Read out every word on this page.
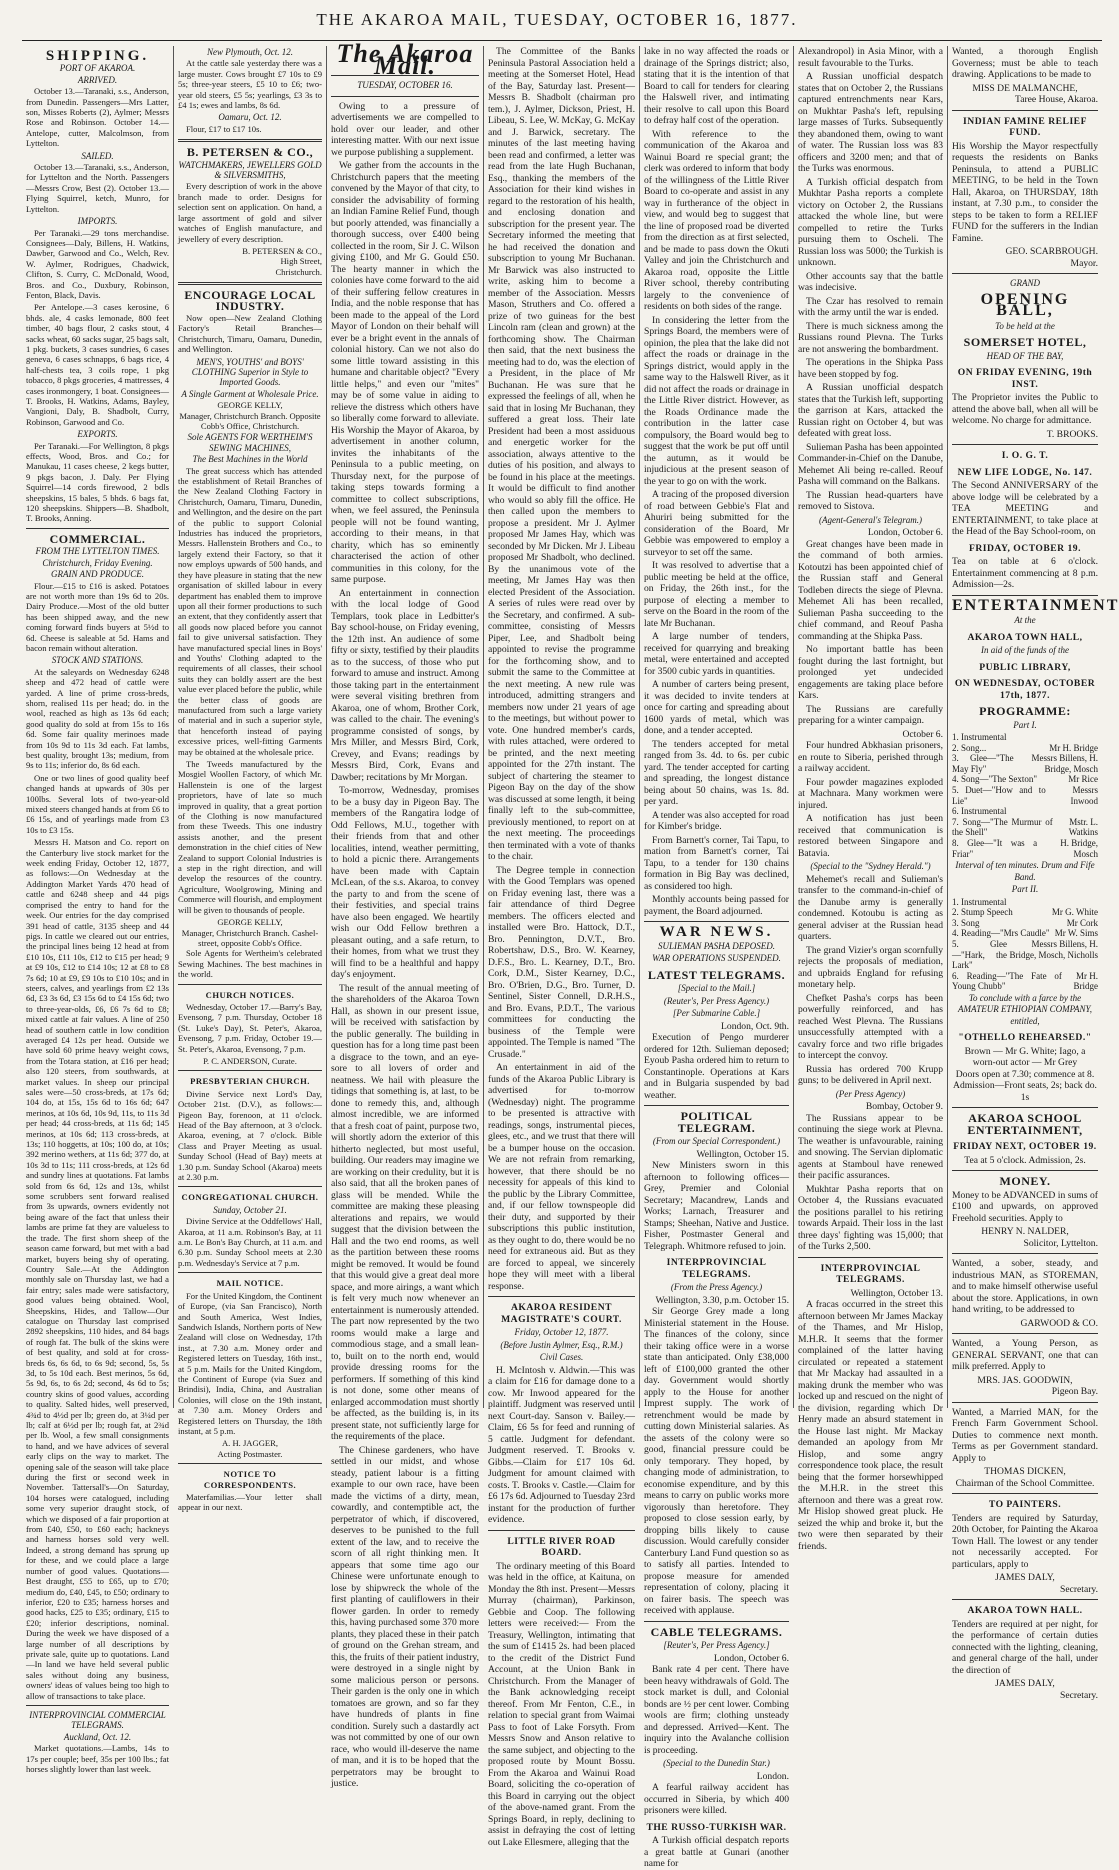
THE AKAROA MAIL, TUESDAY, OCTOBER 16, 1877.
SHIPPING.
PORT OF AKAROA.
ARRIVED.

October 13.—Taranaki, s.s., Anderson, from Dunedin. Passengers—Mrs Latter, son, Misses Roberts (2), Aylmer; Messrs Rose and Robinson. October 14.—Antelope, cutter, Malcolmson, from Lyttelton.

SAILED.

October 13.—Taranaki, s.s., Anderson, for Lyttelton and the North. Passengers —Messrs Crow, Best (2). October 13.—Flying Squirrel, ketch, Munro, for Lyttelton.

IMPORTS.

Per Taranaki.—29 tons merchandise. Consignees—Daly, Billens, H. Watkins, Dawber, Garwood and Co., Welch, Rev. W. Aylmer, Rodrigues, Chadwick, Clifton, S. Curry, C. McDonald, Wood, Bros. and Co., Duxbury, Robinson, Fenton, Black, Davis.

Per Antelope.—3 cases kerosine, 6 bhds. ale, 4 casks lemonade, 800 feet timber, 40 bags flour, 2 casks stout, 4 sacks wheat, 60 sacks sugar, 25 bags salt, 1 pkg. buckets, 3 cases sundries, 6 cases geneva, 6 cases schnapps, 6 bags rice, 4 half-chests tea, 3 coils rope, 1 pkg tobacco, 8 pkgs groceries, 4 mattresses, 4 cases ironmongery, 1 boat. Consignees—T. Brooks, H. Watkins, Adams, Bayley, Vangioni, Daly, B. Shadbolt, Curry, Robinson, Garwood and Co.

EXPORTS.

Per Taranaki.—For Wellington, 8 pkgs effects, Wood, Bros. and Co.; for Manukau, 11 cases cheese, 2 kegs butter, 9 pkgs bacon, J. Daly. Per Flying Squirrel—14 cords firewood, 2 bdls sheepskins, 15 bales, 5 bhds. 6 bags fat, 120 sheepskins. Shippers—B. Shadbolt, T. Brooks, Anning.

COMMERCIAL.
FROM THE LYTTELTON TIMES.
Christchurch, Friday Evening.
GRAIN AND PRODUCE.

Flour.—£15 to £16 is asked. Potatoes are not worth more than 19s 6d to 20s. Dairy Produce.—Most of the old butter has been shipped away, and the new coming forward finds buyers at 5½d to 6d. Cheese is saleable at 5d. Hams and bacon remain without alteration.

STOCK AND STATIONS.

At the saleyards on Wednesday 6248 sheep and 472 head of cattle were yarded. A line of prime cross-breds, shorn, realised 11s per head; do. in the wool, reached as high as 13s 6d each; good quality do sold at from 15s to 16s 6d. Some fair quality merinoes made from 10s 9d to 11s 3d each. Fat lambs, best quality, brought 13s; medium, from 9s to 11s; inferior do, 8s 6d each.

One or two lines of good quality beef changed hands at upwards of 30s per 100lbs. Several lots of two-year-old mixed steers changed hands at from £6 to £6 15s, and of yearlings made from £3 10s to £3 15s.

Messrs H. Matson and Co. report on the Canterbury live stock market for the week ending Friday, October 12, 1877, as follows:—On Wednesday at the Addington Market Yards 470 head of cattle and 6248 sheep and 44 pigs comprised the entry to hand for the week. Our entries for the day comprised 391 head of cattle, 3135 sheep and 44 pigs. In cattle we cleared out our entries, the principal lines being 12 head at from £10 10s, £11 10s, £12 to £15 per head; 9 at £9 10s, £12 to £14 10s; 12 at £8 to £8 7s 6d; 10 at £9, £9 10s to £10 10s; and in steers, calves, and yearlings from £2 13s 6d, £3 3s 6d, £3 15s 6d to £4 15s 6d; two to three-year-olds, £6, £6 7s 6d to £8; mixed cattle at fair values. A line of 250 head of southern cattle in low condition averaged £4 12s per head. Outside we have sold 60 prime heavy weight cows, from the Totara station, at £16 per head; also 120 steers, from southwards, at market values. In sheep our principal sales were—50 cross-breds, at 17s 6d; 104 do, at 15s, 15s 6d to 16s 6d; 647 merinos, at 10s 6d, 10s 9d, 11s, to 11s 3d per head; 44 cross-breds, at 11s 6d; 145 merinos, at 10s 6d; 113 cross-breds, at 13s; 110 hoggetts, at 10s; 100 do, at 10s; 392 merino wethers, at 11s 6d; 377 do, at 10s 3d to 11s; 111 cross-breds, at 12s 6d and sundry lines at quotations. Fat lambs sold from 6s 6d, 12s and 13s, whilst some scrubbers sent forward realised from 3s upwards, owners evidently not being aware of the fact that unless their lambs are prime fat they are valueless to the trade. The first shorn sheep of the season came forward, but met with a bad market, buyers being shy of operating. Country Sale.—At the Addington monthly sale on Thursday last, we had a fair entry; sales made were satisfactory, good values being obtained. Wool, Sheepskins, Hides, and Tallow—Our catalogue on Thursday last comprised 2892 sheepskins, 110 hides, and 84 bags of rough fat. The bulk of the skins were of best quality, and sold at for cross-breds 6s, 6s 6d, to 6s 9d; second, 5s, 5s 3d, to 5s 10d each. Best merinos, 5s 6d, 5s 9d, 6s, to 6s 2d; second, 4s 6d to 5s; country skins of good values, according to quality. Salted hides, well preserved, 4¾d to 4½d per lb; green do, at 3¼d per lb; calf at 6½d per lb; rough fat, at 2¾d per lb. Wool, a few small consignments to hand, and we have advices of several early clips on the way to market. The opening sale of the season will take place during the first or second week in November. Tattersall's—On Saturday, 104 horses were catalogued, including some very superior draught stock, of which we disposed of a fair proportion at from £40, £50, to £60 each; hackneys and harness horses sold very well. Indeed, a strong demand has sprung up for these, and we could place a large number of good values. Quotations—Best draught, £55 to £65, up to £70; medium do, £40, £45, to £50; ordinary to inferior, £20 to £35; harness horses and good hacks, £25 to £35; ordinary, £15 to £20; inferior descriptions, nominal. During the week we have disposed of a large number of all descriptions by private sale, quite up to quotations. Land—In land we have held several public sales without doing any business, owners' ideas of values being too high to allow of transactions to take place.

INTERPROVINCIAL COMMERCIAL TELEGRAMS.
Auckland, Oct. 12.

Market quotations.—Lambs, 14s to 17s per couple; beef, 35s per 100 lbs.; fat horses slightly lower than last week.

New Plymouth, Oct. 12.

At the cattle sale yesterday there was a large muster. Cows brought £7 10s to £9 5s; three-year steers, £5 10 to £6; two-year old steers, £5 5s; yearlings, £3 3s to £4 1s; ewes and lambs, 8s 6d.

Oamaru, Oct. 12.

Flour, £17 to £17 10s.

B. PETERSEN & CO.,
WATCHMAKERS, JEWELLERS GOLD & SILVERSMITHS,

Every description of work in the above branch made to order. Designs for selection sent on application. On hand, a large assortment of gold and silver watches of English manufacture, and jewellery of every description.

B. PETERSEN & CO.,
High Street,
Christchurch.
ENCOURAGE LOCAL INDUSTRY.

Now open—New Zealand Clothing Factory's Retail Branches— Christchurch, Timaru, Oamaru, Dunedin, and Wellington.

MEN'S, YOUTHS' and BOYS' CLOTHING Superior in Style to Imported Goods.
A Single Garment at Wholesale Price.
GEORGE KELLY,
Manager, Christchurch Branch. Opposite Cobb's Office, Christchurch.
Sole AGENTS FOR WERTHEIM'S SEWING MACHINES,
The Best Machines in the World

The great success which has attended the establishment of Retail Branches of the New Zealand Clothing Factory in Christchurch, Oamaru, Timaru, Dunedin, and Wellington, and the desire on the part of the public to support Colonial Industries has induced the proprietors, Messrs. Hallenstein Brothers and Co., to largely extend their Factory, so that it now employs upwards of 500 hands, and they have pleasure in stating that the new organisation of skilled labour in every department has enabled them to improve upon all their former productions to such an extent, that they confidently assert that all goods now placed before you cannot fail to give universal satisfaction. They have manufactured special lines in Boys' and Youths' Clothing adapted to the requirements of all classes, their school suits they can boldly assert are the best value ever placed before the public, while the better class of goods are manufactured from such a large variety of material and in such a superior style, that henceforth instead of paying excessive prices, well-fitting Garments may be obtained at the wholesale price.

The Tweeds manufactured by the Mosgiel Woollen Factory, of which Mr. Hallenstein is one of the largest proprietors, have of late so much improved in quality, that a great portion of the Clothing is now manufactured from these Tweeds. This one industry assists another, and the present demonstration in the chief cities of New Zealand to support Colonial Industries is a step in the right direction, and will develop the resources of the country. Agriculture, Woolgrowing, Mining and Commerce will flourish, and employment will be given to thousands of people.

GEORGE KELLY,
Manager, Christchurch Branch. Cashel-street, opposite Cobb's Office.

Sole Agents for Wertheim's celebrated Sewing Machines. The best machines in the world.

CHURCH NOTICES.

Wednesday, October 17.—Barry's Bay, Evensong, 7 p.m. Thursday, October 18 (St. Luke's Day), St. Peter's, Akaroa, Evensong, 7 p.m. Friday, October 19.—St. Peter's, Akaroa, Evensong, 7 p.m.

P. C. ANDERSON, Curate.
PRESBYTERIAN CHURCH.

Divine Service next Lord's Day, October 21st. (D.V.), as follows:— Pigeon Bay, forenoon, at 11 o'clock. Head of the Bay afternoon, at 3 o'clock. Akaroa, evening, at 7 o'clock. Bible Class and Prayer Meeting as usual. Sunday School (Head of Bay) meets at 1.30 p.m. Sunday School (Akaroa) meets at 2.30 p.m.

CONGREGATIONAL CHURCH.
Sunday, October 21.

Divine Service at the Oddfellows' Hall, Akaroa, at 11 a.m. Robinson's Bay, at 11 a.m. Le Bon's Bay Church, at 11 a.m. and 6.30 p.m. Sunday School meets at 2.30 p.m. Wednesday's Service at 7 p.m.

MAIL NOTICE.

For the United Kingdom, the Continent of Europe, (via San Francisco), North and South America, West Indies, Sandwich Islands, Northern ports of New Zealand will close on Wednesday, 17th inst., at 7.30 a.m. Money order and Registered letters on Tuesday, 16th inst., at 5 p.m. Mails for the United Kingdom, the Continent of Europe (via Suez and Brindisi), India, China, and Australian Colonies, will close on the 19th instant, at 7.30 a.m. Money Orders and Registered letters on Thursday, the 18th instant, at 5 p.m.

A. H. JAGGER,
Acting Postmaster.
NOTICE TO CORRESPONDENTS.

Materfamilias.—Your letter shall appear in our next.

The Akaroa Mail.
TUESDAY, OCTOBER 16.

Owing to a pressure of advertisements we are compelled to hold over our leader, and other interesting matter. With our next issue we purpose publishing a supplement.

We gather from the accounts in the Christchurch papers that the meeting convened by the Mayor of that city, to consider the advisability of forming an Indian Famine Relief Fund, though but poorly attended, was financially a thorough success, over £400 being collected in the room, Sir J. C. Wilson giving £100, and Mr G. Gould £50. The hearty manner in which the colonies have come forward to the aid of their suffering fellow creatures in India, and the noble response that has been made to the appeal of the Lord Mayor of London on their behalf will ever be a bright event in the annals of colonial history. Can we not also do some little toward assisting in this humane and charitable object? "Every little helps," and even our "mites" may be of some value in aiding to relieve the distress which others have so liberally come forward to alleviate. His Worship the Mayor of Akaroa, by advertisement in another column, invites the inhabitants of the Peninsula to a public meeting, on Thursday next, for the purpose of taking steps towards forming a committee to collect subscriptions, when, we feel assured, the Peninsula people will not be found wanting, according to their means, in that charity, which has so eminently characterised the action of other communities in this colony, for the same purpose.

An entertainment in connection with the local lodge of Good Templars, took place in Ledbitter's Bay school-house, on Friday evening, the 12th inst. An audience of some fifty or sixty, testified by their plaudits as to the success, of those who put forward to amuse and instruct. Among those taking part in the entertainment were several visiting brethren from Akaroa, one of whom, Brother Cork, was called to the chair. The evening's programme consisted of songs, by Mrs Miller, and Messrs Bird, Cork, Crevey, and Evans; readings by Messrs Bird, Cork, Evans and Dawber; recitations by Mr Morgan.

To-morrow, Wednesday, promises to be a busy day in Pigeon Bay. The members of the Rangatira lodge of Odd Fellows, M.U., together with their friends from that and other localities, intend, weather permitting, to hold a picnic there. Arrangements have been made with Captain McLean, of the s.s. Akaroa, to convey the party to and from the scene of their festivities, and special trains have also been engaged. We heartily wish our Odd Fellow brethren a pleasant outing, and a safe return, to their homes, from what we trust they will find to be a healthful and happy day's enjoyment.

The result of the annual meeting of the shareholders of the Akaroa Town Hall, as shown in our present issue, will be received with satisfaction by the public generally. The building in question has for a long time past been a disgrace to the town, and an eye-sore to all lovers of order and neatness. We hail with pleasure the tidings that something is, at last, to be done to remedy this, and, although almost incredible, we are informed that a fresh coat of paint, purpose two, will shortly adorn the exterior of this hitherto neglected, but most useful, building. Our readers may imagine we are working on their credulity, but it is also said, that all the broken panes of glass will be mended. While the committee are making these pleasing alterations and repairs, we would suggest that the division between the Hall and the two end rooms, as well as the partition between these rooms might be removed. It would be found that this would give a great deal more space, and more airings, a want which is felt very much now whenever an entertainment is numerously attended. The part now represented by the two rooms would make a large and commodious stage, and a small lean-to, built on to the north end, would provide dressing rooms for the performers. If something of this kind is not done, some other means of enlarged accommodation must shortly be affected, as the building is, in its present state, not sufficiently large for the requirements of the place.

The Chinese gardeners, who have settled in our midst, and whose steady, patient labour is a fitting example to our own race, have been made the victims of a dirty, mean, cowardly, and contemptible act, the perpetrator of which, if discovered, deserves to be punished to the full extent of the law, and to receive the scorn of all right thinking men. It appears that some time ago our Chinese were unfortunate enough to lose by shipwreck the whole of the first planting of cauliflowers in their flower garden. In order to remedy this, having purchased some 370 more plants, they placed these in their patch of ground on the Grehan stream, and this, the fruits of their patient industry, were destroyed in a single night by some malicious person or persons. Their garden is the only one in which tomatoes are grown, and so far they have hundreds of plants in fine condition. Surely such a dastardly act was not committed by one of our own race, who would ill-deserve the name of man, and it is to be hoped that the perpetrators may be brought to justice.

The Committee of the Banks Peninsula Pastoral Association held a meeting at the Somerset Hotel, Head of the Bay, Saturday last. Present—Messrs B. Shadbolt (chairman pro tem.), J. Aylmer, Dickson, Priest, H. Libeau, S. Lee, W. McKay, G. McKay and J. Barwick, secretary. The minutes of the last meeting having been read and confirmed, a letter was read from the late Hugh Buchanan, Esq., thanking the members of the Association for their kind wishes in regard to the restoration of his health, and enclosing donation and subscription for the present year. The Secretary informed the meeting that he had received the donation and subscription to young Mr Buchanan. Mr Barwick was also instructed to write, asking him to become a member of the Association. Messrs Mason, Struthers and Co. offered a prize of two guineas for the best Lincoln ram (clean and grown) at the forthcoming show. The Chairman then said, that the next business the meeting had to do, was the election of a President, in the place of Mr Buchanan. He was sure that he expressed the feelings of all, when he said that in losing Mr Buchanan, they suffered a great loss. Their late President had been a most assiduous and energetic worker for the association, always attentive to the duties of his position, and always to be found in his place at the meetings. It would be difficult to find another who would so ably fill the office. He then called upon the members to propose a president. Mr J. Aylmer proposed Mr James Hay, which was seconded by Mr Dicken. Mr J. Libeau proposed Mr Shadbolt, who declined. By the unanimous vote of the meeting, Mr James Hay was then elected President of the Association. A series of rules were read over by the Secretary, and confirmed. A sub-committee, consisting of Messrs Piper, Lee, and Shadbolt being appointed to revise the programme for the forthcoming show, and to submit the same to the Committee at the next meeting. A new rule was introduced, admitting strangers and members now under 21 years of age to the meetings, but without power to vote. One hundred member's cards, with rules attached, were ordered to be printed, and the next meeting appointed for the 27th instant. The subject of chartering the steamer to Pigeon Bay on the day of the show was discussed at some length, it being finally left to the sub-committee, previously mentioned, to report on at the next meeting. The proceedings then terminated with a vote of thanks to the chair.

The Degree temple in connection with the Good Templars was opened on Friday evening last, there was a fair attendance of third Degree members. The officers elected and installed were Bro. Hattock, D.T., Bro. Pennington, D.V.T., Bro. Robertshaw, D.S., Bro. W. Kearney, D.F.S., Bro. L. Kearney, D.T., Bro. Cork, D.M., Sister Kearney, D.C., Bro. O'Brien, D.G., Bro. Turner, D. Sentinel, Sister Connell, D.R.H.S., and Bro. Evans, P.D.T., The various committees for conducting the business of the Temple were appointed. The Temple is named "The Crusade."

An entertainment in aid of the funds of the Akaroa Public Library is advertised for to-morrow (Wednesday) night. The programme to be presented is attractive with readings, songs, instrumental pieces, glees, etc., and we trust that there will be a bumper house on the occasion. We are not refrain from remarking, however, that there should be no necessity for appeals of this kind to the public by the Library Committee, and, if our fellow townspeople did their duty, and supported by their subscriptions this public institution, as they ought to do, there would be no need for extraneous aid. But as they are forced to appeal, we sincerely hope they will meet with a liberal response.

AKAROA RESIDENT MAGISTRATE'S COURT.
Friday, October 12, 1877.
(Before Justin Aylmer, Esq., R.M.)
Civil Cases.

H. McIntosh v. Aldwin.—This was a claim for £16 for damage done to a cow. Mr Inwood appeared for the plaintiff. Judgment was reserved until next Court-day. Sanson v. Bailey.—Claim, £6 5s for feed and running of 5 cattle. Judgment for defendant. Judgment reserved. T. Brooks v. Gibbs.—Claim for £17 10s 6d. Judgment for amount claimed with costs. T. Brooks v. Castle.—Claim for £6 17s 6d. Adjourned to Tuesday 23rd instant for the production of further evidence.

LITTLE RIVER ROAD BOARD.

The ordinary meeting of this Board was held in the office, at Kaituna, on Monday the 8th inst. Present—Messrs Murray (chairman), Parkinson, Gebbie and Coop. The following letters were received:— From the Treasury, Wellington, intimating that the sum of £1415 2s. had been placed to the credit of the District Fund Account, at the Union Bank in Christchurch. From the Manager of the Bank acknowledging receipt thereof. From Mr Fenton, C.E., in relation to special grant from Waimai Pass to foot of Lake Forsyth. From Messrs Snow and Anson relative to the same subject, and objecting to the proposed route by Mount Bossu. From the Akaroa and Wainui Road Board, soliciting the co-operation of this Board in carrying out the object of the above-named grant. From the Springs Board, in reply, declining to assist in defraying the cost of letting out Lake Ellesmere, alleging that the

lake in no way affected the roads or drainage of the Springs district; also, stating that it is the intention of that Board to call for tenders for clearing the Halswell river, and intimating their resolve to call upon this Board to defray half cost of the operation.

With reference to the communication of the Akaroa and Wainui Board re special grant; the clerk was ordered to inform that body of the willingness of the Little River Board to co-operate and assist in any way in furtherance of the object in view, and would beg to suggest that the line of proposed road be diverted from the direction as at first selected, and be made to pass down the Okuti Valley and join the Christchurch and Akaroa road, opposite the Little River school, thereby contributing largely to the convenience of residents on both sides of the range.

In considering the letter from the Springs Board, the members were of opinion, the plea that the lake did not affect the roads or drainage in the Springs district, would apply in the same way to the Halswell River, as it did not affect the roads or drainage in the Little River district. However, as the Roads Ordinance made the contribution in the latter case compulsory, the Board would beg to suggest that the work be put off until the autumn, as it would be injudicious at the present season of the year to go on with the work.

A tracing of the proposed diversion of road between Gebbie's Flat and Ahuriri being submitted for the consideration of the Board, Mr Gebbie was empowered to employ a surveyor to set off the same.

It was resolved to advertise that a public meeting be held at the office, on Friday, the 26th inst., for the purpose of electing a member to serve on the Board in the room of the late Mr Buchanan.

A large number of tenders, received for quarrying and breaking metal, were entertained and accepted for 3500 cubic yards in quantities.

A number of carters being present, it was decided to invite tenders at once for carting and spreading about 1600 yards of metal, which was done, and a tender accepted.

The tenders accepted for metal ranged from 3s. 4d. to 6s. per cubic yard. The tender accepted for carting and spreading, the longest distance being about 50 chains, was 1s. 8d. per yard.

A tender was also accepted for road for Kimber's bridge.

From Barnett's corner, Tai Tapu, to mation from Barnett's corner, Tai Tapu, to a tender for 130 chains formation in Big Bay was declined, as considered too high.

Monthly accounts being passed for payment, the Board adjourned.

WAR NEWS.
SULIEMAN PASHA DEPOSED.
WAR OPERATIONS SUSPENDED.
LATEST TELEGRAMS.
[Special to the Mail.]
(Reuter's, Per Press Agency.)
[Per Submarine Cable.]
London, Oct. 9th.

Execution of Pengo murderer ordered for 12th. Sulieman deposed; Eyoub Pasha ordered him to return to Constantinople. Operations at Kars and in Bulgaria suspended by bad weather.

POLITICAL TELEGRAM.
(From our Special Correspondent.)
Wellington, October 15.

New Ministers sworn in this afternoon to following offices—Grey, Premier and Colonial Secretary; Macandrew, Lands and Works; Larnach, Treasurer and Stamps; Sheehan, Native and Justice. Fisher, Postmaster General and Telegraph. Whitmore refused to join.

INTERPROVINCIAL TELEGRAMS.
(From the Press Agency.)
Wellington, 3.30, p.m. October 15.

Sir George Grey made a long Ministerial statement in the House. The finances of the colony, since their taking office were in a worse state than anticipated. Only £38,000 left of £100,000 granted the other day. Government would shortly apply to the House for another Imprest supply. The work of retrenchment would be made by cutting down Ministerial salaries. As the assets of the colony were so good, financial pressure could be only temporary. They hoped, by changing mode of administration, to economise expenditure, and by this means to carry on public works more vigorously than heretofore. They proposed to close session early, by dropping bills likely to cause discussion. Would carefully consider Canterbury Land Fund question so as to satisfy all parties. Intended to propose measure for amended representation of colony, placing it on fairer basis. The speech was received with applause.

CABLE TELEGRAMS.
[Reuter's, Per Press Agency.]
London, October 6.

Bank rate 4 per cent. There have been heavy withdrawals of Gold. The stock market is dull, and Colonial bonds are ½ per cent lower. Combing wools are firm; clothing unsteady and depressed. Arrived—Kent. The inquiry into the Avalanche collision is proceeding.

(Special to the Dunedin Star.)
London.

A fearful railway accident has occurred in Siberia, by which 400 prisoners were killed.

THE RUSSO-TURKISH WAR.

A Turkish official despatch reports a great battle at Gunari (another name for

Alexandropol) in Asia Minor, with a result favourable to the Turks.

A Russian unofficial despatch states that on October 2, the Russians captured entrenchments near Kars, on Mukhtar Pasha's left, repulsing large masses of Turks. Subsequently they abandoned them, owing to want of water. The Russian loss was 83 officers and 3200 men; and that of the Turks was enormous.

A Turkish official despatch from Mukhtar Pasha reports a complete victory on October 2, the Russians attacked the whole line, but were compelled to retire the Turks pursuing them to Oscheli. The Russian loss was 5000; the Turkish is unknown.

Other accounts say that the battle was indecisive.

The Czar has resolved to remain with the army until the war is ended.

There is much sickness among the Russians round Plevna. The Turks are not answering the bombardment.

The operations in the Shipka Pass have been stopped by fog.

A Russian unofficial despatch states that the Turkish left, supporting the garrison at Kars, attacked the Russian right on October 4, but was defeated with great loss.

Sulieman Pasha has been appointed Commander-in-Chief on the Danube, Mehemet Ali being re-called. Reouf Pasha will command on the Balkans.

The Russian head-quarters have removed to Sistova.

(Agent-General's Telegram.)
London, October 6.

Great changes have been made in the command of both armies. Kotoutzi has been appointed chief of the Russian staff and General Todleben directs the siege of Plevna. Mehemet Ali has been recalled, Sulieman Pasha succeeding to the chief command, and Reouf Pasha commanding at the Shipka Pass.

No important battle has been fought during the last fortnight, but prolonged yet undecided engagements are taking place before Kars.

The Russians are carefully preparing for a winter campaign.

October 6.

Four hundred Abkhasian prisoners, en route to Siberia, perished through a railway accident.

Four powder magazines exploded at Machnara. Many workmen were injured.

A notification has just been received that communication is restored between Singapore and Batavia.

(Special to the "Sydney Herald.")

Mehemet's recall and Sulieman's transfer to the command-in-chief of the Danube army is generally condemned. Kotoubu is acting as general adviser at the Russian head quarters.

The grand Vizier's organ scornfully rejects the proposals of mediation, and upbraids England for refusing monetary help.

Chefket Pasha's corps has been powerfully reinforced, and has reached West Plevna. The Russians unsuccessfully attempted with a cavalry force and two rifle brigades to intercept the convoy.

Russia has ordered 700 Krupp guns; to be delivered in April next.

(Per Press Agency)
Bombay, October 9.

The Russians appear to be continuing the siege work at Plevna. The weather is unfavourable, raining and snowing. The Servian diplomatic agents at Stamboul have renewed their pacific assurances.

Mukhtar Pasha reports that on October 4, the Russians evacuated the positions parallel to his retiring towards Arpaid. Their loss in the last three days' fighting was 15,000; that of the Turks 2,500.

INTERPROVINCIAL TELEGRAMS.
Wellington, October 13.

A fracas occurred in the street this afternoon between Mr James Mackay of the Thames, and Mr Hislop, M.H.R. It seems that the former complained of the latter having circulated or repeated a statement that Mr Mackay had assaulted in a making drunk the member who was locked up and rescued on the night of the division, regarding which Dr Henry made an absurd statement in the House last night. Mr Mackay demanded an apology from Mr Hislop, and some angry correspondence took place, the result being that the former horsewhipped the M.H.R. in the street this afternoon and there was a great row. Mr Hislop showed great pluck. He seized the whip and broke it, but the two were then separated by their friends.

Wanted, a thorough English Governess; must be able to teach drawing. Applications to be made to

MISS DE MALMANCHE,
Taree House, Akaroa.
INDIAN FAMINE RELIEF FUND.

His Worship the Mayor respectfully requests the residents on Banks Peninsula, to attend a PUBLIC MEETING, to be held in the Town Hall, Akaroa, on THURSDAY, 18th instant, at 7.30 p.m., to consider the steps to be taken to form a RELIEF FUND for the sufferers in the Indian Famine.

GEO. SCARBROUGH.
Mayor.
GRAND
OPENING BALL,
To be held at the
SOMERSET HOTEL,
HEAD OF THE BAY,
ON FRIDAY EVENING, 19th INST.

The Proprietor invites the Public to attend the above ball, when all will be welcome. No charge for admittance.

T. BROOKS.
I. O. G. T.
NEW LIFE LODGE, No. 147.

The Second ANNIVERSARY of the above lodge will be celebrated by a TEA MEETING and ENTERTAINMENT, to take place at the Head of the Bay School-room, on

FRIDAY, OCTOBER 19.

Tea on table at 6 o'clock. Entertainment commencing at 8 p.m. Admission—2s.

ENTERTAINMENT
At the
AKAROA TOWN HALL,
In aid of the funds of the
PUBLIC LIBRARY,
ON WEDNESDAY, OCTOBER 17th, 1877.
PROGRAMME:
Part I.
1. Instrumental
2. Song...	Mr H. Bridge
3. Glee—"The May Fly"
Messrs Billens, H. Bridge, Mosch
4. Song—"The Sexton"	Mr Rice
5. Duet—"How and to Lie"
Messrs Inwood
6. Instrumental
7. Song—"The Murmur of the Shell"
Mstr. L. Watkins
8. Glee—"It was a Friar"
H. Bridge, Mosch
Interval of ten minutes. Drum and Fife Band.
Part II.
1. Instrumental
2. Stump Speech	Mr G. White
3. Song	Mr Cork
4. Reading—"Mrs Caudle" Mr W. Sims
5. Glee—"Hark, the Lark"
Messrs Billens, H. Bridge, Mosch, Nicholls
6. Reading—"The Fate of Young Chubb"
Mr H. Bridge
To conclude with a farce by the AMATEUR ETHIOPIAN COMPANY, entitled,
"OTHELLO REHEARSED."
Brown — Mr G. White; Iago, a worn-out actor — Mr Grey
Doors open at 7.30; commence at 8. Admission—Front seats, 2s; back do. 1s
AKAROA SCHOOL ENTERTAINMENT,
FRIDAY NEXT, OCTOBER 19.
Tea at 5 o'clock. Admission, 2s.
MONEY.

Money to be ADVANCED in sums of £100 and upwards, on approved Freehold securities. Apply to

HENRY N. NALDER,
Solicitor, Lyttelton.

Wanted, a sober, steady, and industrious MAN, as STOREMAN, and to make himself otherwise useful about the store. Applications, in own hand writing, to be addressed to

GARWOOD & CO.

Wanted, a Young Person, as GENERAL SERVANT, one that can milk preferred. Apply to

MRS. JAS. GOODWIN,
Pigeon Bay.

Wanted, a Married MAN, for the French Farm Government School. Duties to commence next month. Terms as per Government standard. Apply to

THOMAS DICKEN,
Chairman of the School Committee.
TO PAINTERS.

Tenders are required by Saturday, 20th October, for Painting the Akaroa Town Hall. The lowest or any tender not necessarily accepted. For particulars, apply to

JAMES DALY,
Secretary.
AKAROA TOWN HALL.

Tenders are required at per night, for the performance of certain duties connected with the lighting, cleaning, and general charge of the hall, under the direction of

JAMES DALY,
Secretary.
